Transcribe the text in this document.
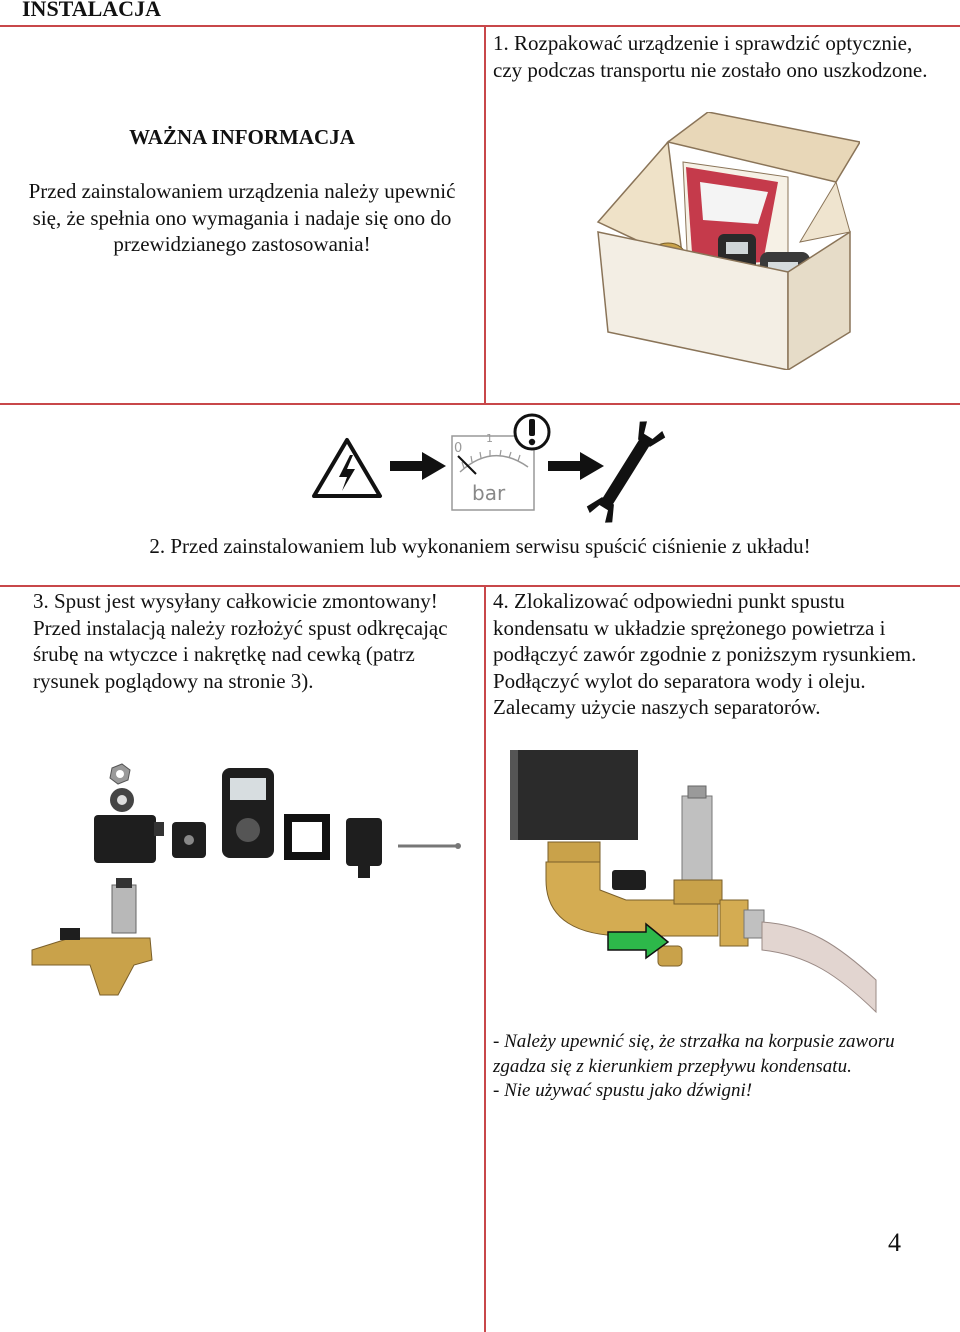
INSTALACJA
WAŻNA INFORMACJA
Przed zainstalowaniem urządzenia należy upewnić się, że spełnia ono wymagania i nadaje się ono do przewidzianego zastosowania!
1. Rozpakować urządzenie i sprawdzić optycznie, czy podczas transportu nie zostało ono uszkodzone.
0
1
bar
2. Przed zainstalowaniem lub wykonaniem serwisu spuścić ciśnienie z układu!
3. Spust jest wysyłany całkowicie zmontowany! Przed instalacją należy rozłożyć spust odkręcając śrubę na wtyczce i nakrętkę nad cewką (patrz rysunek poglądowy na stronie 3).
4. Zlokalizować odpowiedni punkt spustu kondensatu w układzie sprężonego powietrza i podłączyć zawór zgodnie z poniższym rysunkiem. Podłączyć wylot do separatora wody i oleju. Zalecamy użycie naszych separatorów.
- Należy upewnić się, że strzałka na korpusie zaworu zgadza się z kierunkiem przepływu kondensatu.
- Nie używać spustu jako dźwigni!
4
